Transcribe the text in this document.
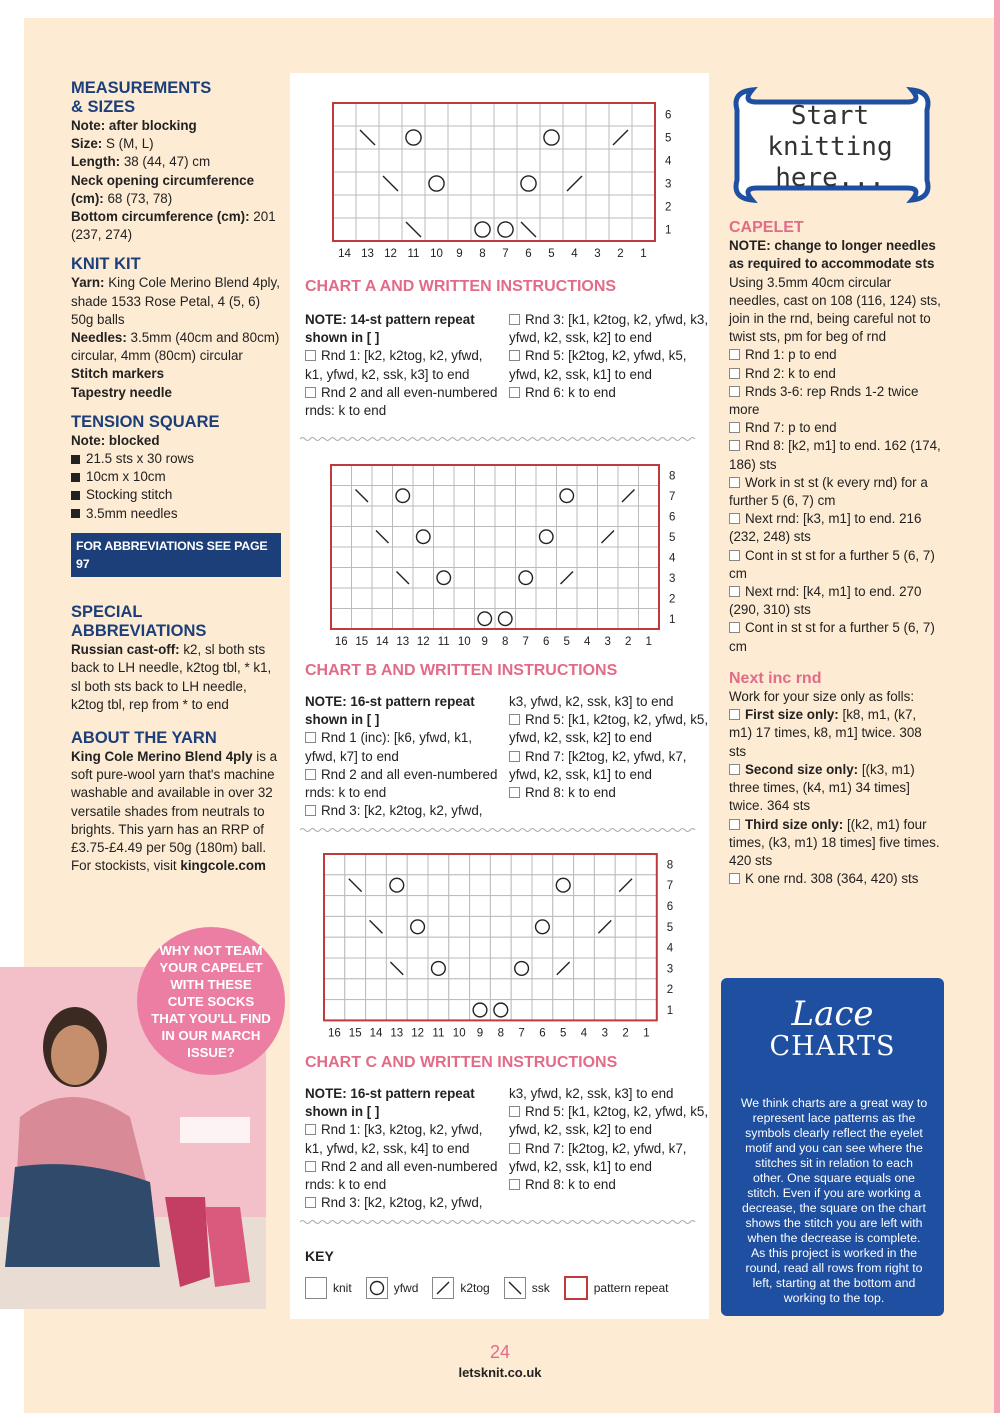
MEASUREMENTS & SIZES

Note: after blocking

Size: S (M, L)

Length: 38 (44, 47) cm

Neck opening circumference (cm): 68 (73, 78)

Bottom circumference (cm): 201 (237, 274)

KNIT KIT

Yarn: King Cole Merino Blend 4ply, shade 1533 Rose Petal, 4 (5, 6) 50g balls

Needles: 3.5mm (40cm and 80cm) circular, 4mm (80cm) circular

Stitch markers

Tapestry needle

TENSION SQUARE

Note: blocked

21.5 sts x 30 rows
10cm x 10cm
Stocking stitch
3.5mm needles
FOR ABBREVIATIONS SEE PAGE 97
SPECIAL ABBREVIATIONS

Russian cast-off: k2, sl both sts back to LH needle, k2tog tbl, * k1, sl both sts back to LH needle, k2tog tbl, rep from * to end

ABOUT THE YARN

King Cole Merino Blend 4ply is a soft pure-wool yarn that's machine washable and available in over 32 versatile shades from neutrals to brights. This yarn has an RRP of £3.75-£4.49 per 50g (180m) ball. For stockists, visit kingcole.com

WHY NOT TEAM YOUR CAPELET WITH THESE CUTE SOCKS THAT YOU'LL FIND IN OUR MARCH ISSUE?
14 13 12 11 10 9 8 7 6 5 4 3 2 1
6
5
4
3
2
1
CHART A AND WRITTEN INSTRUCTIONS

NOTE: 14-st pattern repeat shown in [ ]

Rnd 1: [k2, k2tog, k2, yfwd, k1, yfwd, k2, ssk, k3] to end

Rnd 2 and all even-numbered rnds: k to end

Rnd 3: [k1, k2tog, k2, yfwd, k3, yfwd, k2, ssk, k2] to end

Rnd 5: [k2tog, k2, yfwd, k5, yfwd, k2, ssk, k1] to end

Rnd 6: k to end

16 15 14 13 12 11 10 9 8 7 6 5 4 3 2 1
8
7
6
5
4
3
2
1
CHART B AND WRITTEN INSTRUCTIONS

NOTE: 16-st pattern repeat shown in [ ]

Rnd 1 (inc): [k6, yfwd, k1, yfwd, k7] to end

Rnd 2 and all even-numbered rnds: k to end

Rnd 3: [k2, k2tog, k2, yfwd,

k3, yfwd, k2, ssk, k3] to end

Rnd 5: [k1, k2tog, k2, yfwd, k5, yfwd, k2, ssk, k2] to end

Rnd 7: [k2tog, k2, yfwd, k7, yfwd, k2, ssk, k1] to end

Rnd 8: k to end

16 15 14 13 12 11 10 9 8 7 6 5 4 3 2 1
8
7
6
5
4
3
2
1
CHART C AND WRITTEN INSTRUCTIONS

NOTE: 16-st pattern repeat shown in [ ]

Rnd 1: [k3, k2tog, k2, yfwd, k1, yfwd, k2, ssk, k4] to end

Rnd 2 and all even-numbered rnds: k to end

Rnd 3: [k2, k2tog, k2, yfwd,

k3, yfwd, k2, ssk, k3] to end

Rnd 5: [k1, k2tog, k2, yfwd, k5, yfwd, k2, ssk, k2] to end

Rnd 7: [k2tog, k2, yfwd, k7, yfwd, k2, ssk, k1] to end

Rnd 8: k to end

KEY
knit	yfwd	k2tog	ssk	pattern repeat
Start
knitting
here...
CAPELET

NOTE: change to longer needles as required to accommodate sts

Using 3.5mm 40cm circular needles, cast on 108 (116, 124) sts, join in the rnd, being careful not to twist sts, pm for beg of rnd

Rnd 1: p to end

Rnd 2: k to end

Rnds 3-6: rep Rnds 1-2 twice more

Rnd 7: p to end

Rnd 8: [k2, m1] to end. 162 (174, 186) sts

Work in st st (k every rnd) for a further 5 (6, 7) cm

Next rnd: [k3, m1] to end. 216 (232, 248) sts

Cont in st st for a further 5 (6, 7) cm

Next rnd: [k4, m1] to end. 270 (290, 310) sts

Cont in st st for a further 5 (6, 7) cm

Next inc rnd

Work for your size only as folls:

First size only: [k8, m1, (k7, m1) 17 times, k8, m1] twice. 308 sts

Second size only: [(k3, m1) three times, (k4, m1) 34 times] twice. 364 sts

Third size only: [(k2, m1) four times, (k3, m1) 18 times] five times. 420 sts

K one rnd. 308 (364, 420) sts

Lace
CHARTS
We think charts are a great way to represent lace patterns as the symbols clearly reflect the eyelet motif and you can see where the stitches sit in relation to each other. One square equals one stitch. Even if you are working a decrease, the square on the chart shows the stitch you are left with when the decrease is complete. As this project is worked in the round, read all rows from right to left, starting at the bottom and working to the top.
24
letsknit.co.uk
